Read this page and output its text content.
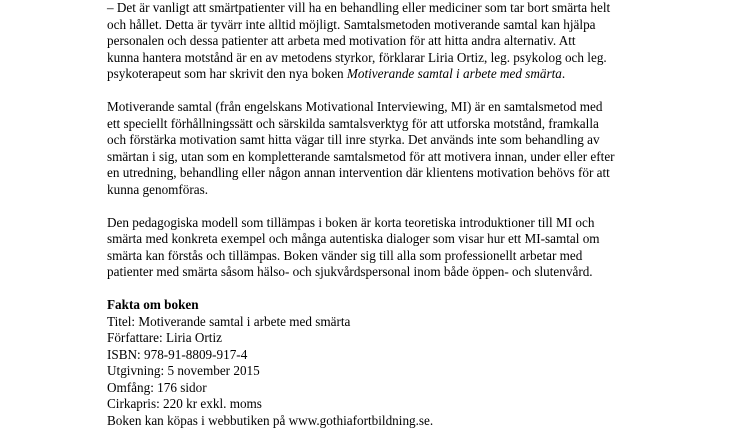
– Det är vanligt att smärtpatienter vill ha en behandling eller mediciner som tar bort smärta helt
och hållet. Detta är tyvärr inte alltid möjligt. Samtalsmetoden motiverande samtal kan hjälpa
personalen och dessa patienter att arbeta med motivation för att hitta andra alternativ. Att
kunna hantera motstånd är en av metodens styrkor, förklarar Liria Ortiz, leg. psykolog och leg.
psykoterapeut som har skrivit den nya boken Motiverande samtal i arbete med smärta.
Motiverande samtal (från engelskans Motivational Interviewing, MI) är en samtalsmetod med
ett speciellt förhållningssätt och särskilda samtalsverktyg för att utforska motstånd, framkalla
och förstärka motivation samt hitta vägar till inre styrka. Det används inte som behandling av
smärtan i sig, utan som en kompletterande samtalsmetod för att motivera innan, under eller efter
en utredning, behandling eller någon annan intervention där klientens motivation behövs för att
kunna genomföras.
Den pedagogiska modell som tillämpas i boken är korta teoretiska introduktioner till MI och
smärta med konkreta exempel och många autentiska dialoger som visar hur ett MI-samtal om
smärta kan förstås och tillämpas. Boken vänder sig till alla som professionellt arbetar med
patienter med smärta såsom hälso- och sjukvårdspersonal inom både öppen- och slutenvård.
Fakta om boken
Titel: Motiverande samtal i arbete med smärta
Författare: Liria Ortiz
ISBN: 978-91-8809-917-4
Utgivning: 5 november 2015
Omfång: 176 sidor
Cirkapris: 220 kr exkl. moms
Boken kan köpas i webbutiken på www.gothiafortbildning.se.
